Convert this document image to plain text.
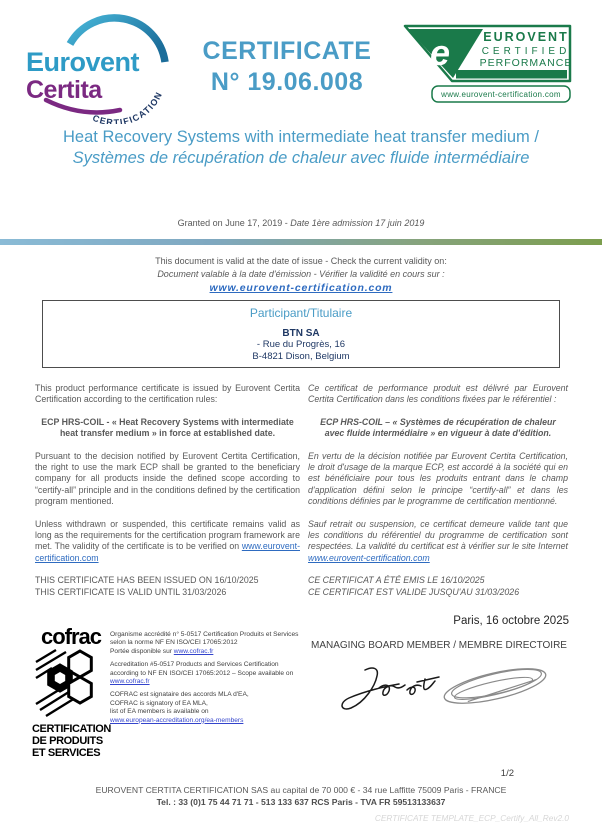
Eurovent
Certita
CERTIFICATION
CERTIFICATE
N° 19.06.008
e	EUROVENT
CERTIFIED
PERFORMANCE
www.eurovent-certification.com
Heat Recovery Systems with intermediate heat transfer medium / Systèmes de récupération de chaleur avec fluide intermédiaire
Granted on June 17, 2019 - Date 1ère admission 17 juin 2019
This document is valid at the date of issue - Check the current validity on:
Document valable à la date d'émission - Vérifier la validité en cours sur :
www.eurovent-certification.com
Participant/Titulaire
BTN SA
- Rue du Progrès, 16
B-4821 Dison, Belgium

This product performance certificate is issued by Eurovent Certita Certification according to the certification rules:

ECP HRS-COIL - « Heat Recovery Systems with intermediate heat transfer medium » in force at established date.

Pursuant to the decision notified by Eurovent Certita Certification, the right to use the mark ECP shall be granted to the beneficiary company for all products inside the defined scope according to “certify-all” principle and in the conditions defined by the certification program mentioned.

Unless withdrawn or suspended, this certificate remains valid as long as the requirements for the certification program framework are met. The validity of the certificate is to be verified on www.eurovent-certification.com

THIS CERTIFICATE HAS BEEN ISSUED ON 16/10/2025
THIS CERTIFICATE IS VALID UNTIL 31/03/2026

Ce certificat de performance produit est délivré par Eurovent Certita Certification dans les conditions fixées par le référentiel :

ECP HRS-COIL – « Systèmes de récupération de chaleur avec fluide intermédiaire » en vigueur à date d'édition.

En vertu de la décision notifiée par Eurovent Certita Certification, le droit d'usage de la marque ECP, est accordé à la société qui en est bénéficiaire pour tous les produits entrant dans le champ d'application défini selon le principe “certify-all” et dans les conditions définies par le programme de certification mentionné.

Sauf retrait ou suspension, ce certificat demeure valide tant que les conditions du référentiel du programme de certification sont respectées. La validité du certificat est à vérifier sur le site Internet www.eurovent-certification.com

CE CERTIFICAT A ÉTÉ EMIS LE 16/10/2025
CE CERTIFICAT EST VALIDE JUSQU'AU 31/03/2026

Paris, 16 octobre 2025
MANAGING BOARD MEMBER / MEMBRE DIRECTOIRE
cofrac
CERTIFICATION
DE PRODUITS
ET SERVICES

Organisme accrédité n° 5-0517 Certification Produits et Services selon la norme NF EN ISO/CEI 17065:2012
Portée disponible sur www.cofrac.fr

Accreditation #5-0517 Products and Services Certification according to NF EN ISO/CEI 17065:2012 – Scope available on www.cofrac.fr

COFRAC est signataire des accords MLA d'EA,
COFRAC is signatory of EA MLA,
list of EA members is available on
www.european-accreditation.org/ea-members

1/2
EUROVENT CERTITA CERTIFICATION SAS au capital de 70 000 € - 34 rue Laffitte 75009 Paris - FRANCE
Tel. : 33 (0)1 75 44 71 71 - 513 133 637 RCS Paris - TVA FR 59513133637
CERTIFICATE TEMPLATE_ECP_Certify_All_Rev2.0
